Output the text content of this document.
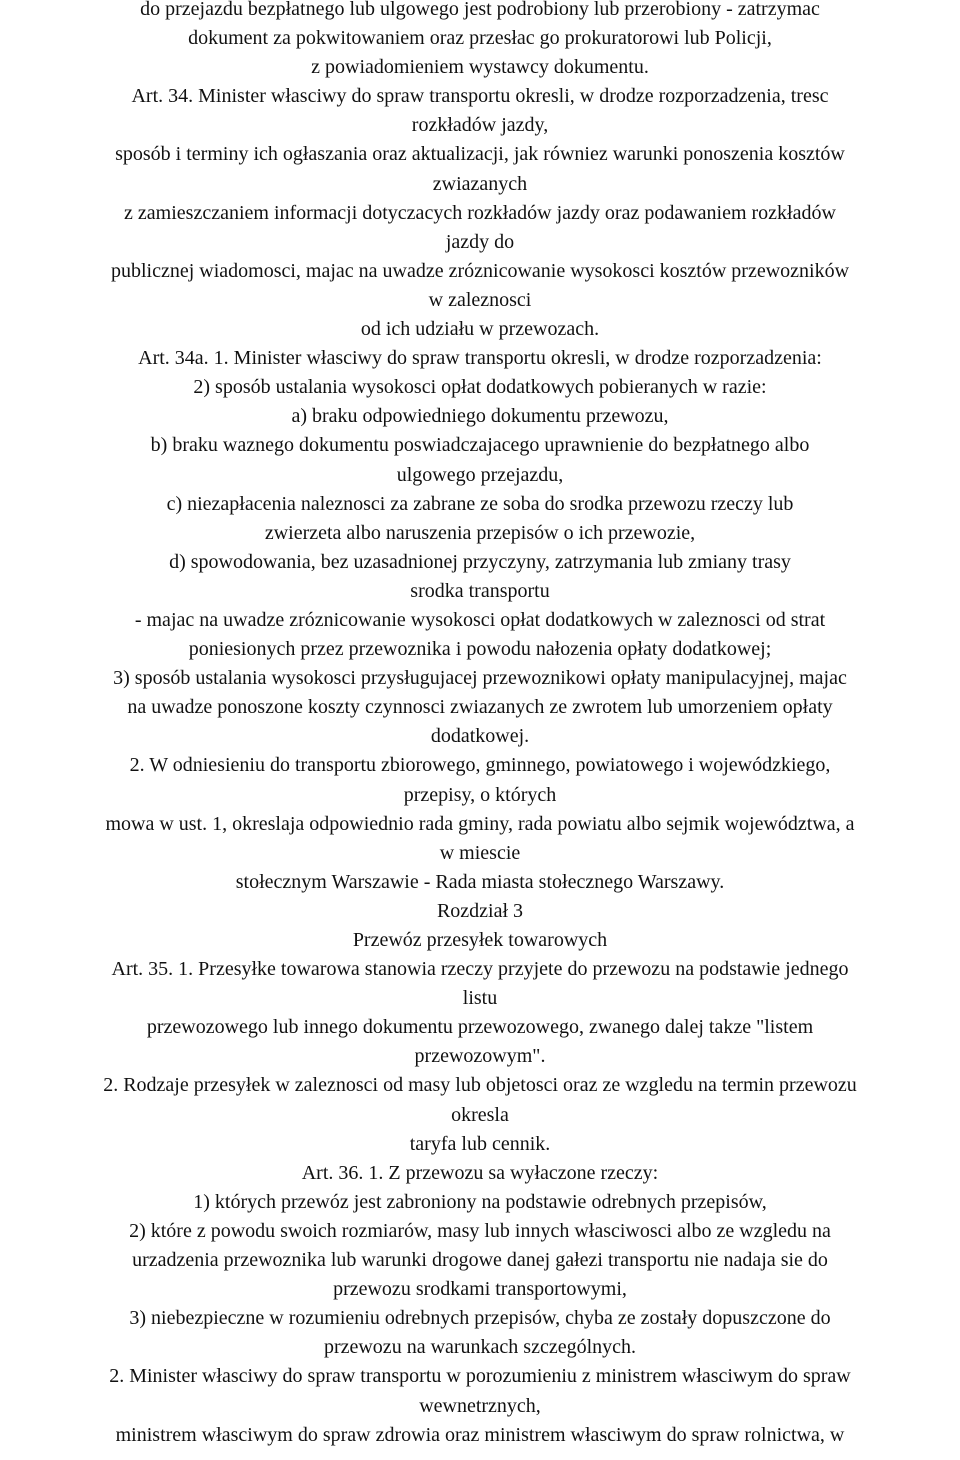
do przejazdu bezpłatnego lub ulgowego jest podrobiony lub przerobiony - zatrzymac

dokument za pokwitowaniem oraz przesłac go prokuratorowi lub Policji,

z powiadomieniem wystawcy dokumentu.

Art. 34. Minister własciwy do spraw transportu okresli, w drodze rozporzadzenia, tresc

rozkładów jazdy,

sposób i terminy ich ogłaszania oraz aktualizacji, jak równiez warunki ponoszenia kosztów

zwiazanych

z zamieszczaniem informacji dotyczacych rozkładów jazdy oraz podawaniem rozkładów

jazdy do

publicznej wiadomosci, majac na uwadze zróznicowanie wysokosci kosztów przewozników

w zaleznosci

od ich udziału w przewozach.

Art. 34a. 1. Minister własciwy do spraw transportu okresli, w drodze rozporzadzenia:

2) sposób ustalania wysokosci opłat dodatkowych pobieranych w razie:

a) braku odpowiedniego dokumentu przewozu,

b) braku waznego dokumentu poswiadczajacego uprawnienie do bezpłatnego albo

ulgowego przejazdu,

c) niezapłacenia naleznosci za zabrane ze soba do srodka przewozu rzeczy lub

zwierzeta albo naruszenia przepisów o ich przewozie,

d) spowodowania, bez uzasadnionej przyczyny, zatrzymania lub zmiany trasy

srodka transportu

- majac na uwadze zróznicowanie wysokosci opłat dodatkowych w zaleznosci od strat

poniesionych przez przewoznika i powodu nałozenia opłaty dodatkowej;

3) sposób ustalania wysokosci przysługujacej przewoznikowi opłaty manipulacyjnej, majac

na uwadze ponoszone koszty czynnosci zwiazanych ze zwrotem lub umorzeniem opłaty

dodatkowej.

2. W odniesieniu do transportu zbiorowego, gminnego, powiatowego i wojewódzkiego,

przepisy, o których

mowa w ust. 1, okreslaja odpowiednio rada gminy, rada powiatu albo sejmik województwa, a

w miescie

stołecznym Warszawie - Rada miasta stołecznego Warszawy.

Rozdział 3

Przewóz przesyłek towarowych

Art. 35. 1. Przesyłke towarowa stanowia rzeczy przyjete do przewozu na podstawie jednego

listu

przewozowego lub innego dokumentu przewozowego, zwanego dalej takze "listem

przewozowym".

2. Rodzaje przesyłek w zaleznosci od masy lub objetosci oraz ze wzgledu na termin przewozu

okresla

taryfa lub cennik.

Art. 36. 1. Z przewozu sa wyłaczone rzeczy:

1) których przewóz jest zabroniony na podstawie odrebnych przepisów,

2) które z powodu swoich rozmiarów, masy lub innych własciwosci albo ze wzgledu na

urzadzenia przewoznika lub warunki drogowe danej gałezi transportu nie nadaja sie do

przewozu srodkami transportowymi,

3) niebezpieczne w rozumieniu odrebnych przepisów, chyba ze zostały dopuszczone do

przewozu na warunkach szczególnych.

2. Minister własciwy do spraw transportu w porozumieniu z ministrem własciwym do spraw

wewnetrznych,

ministrem własciwym do spraw zdrowia oraz ministrem własciwym do spraw rolnictwa, w
